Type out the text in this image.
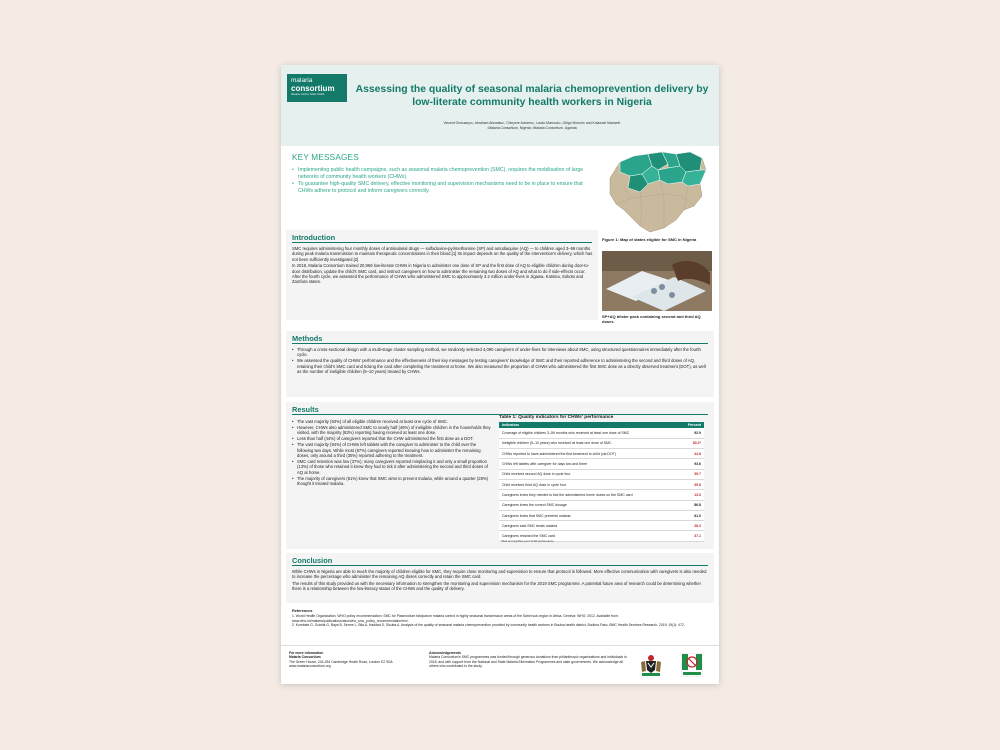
malaria
consortium
disease control, better health	Assessing the quality of seasonal malaria chemoprevention delivery by low-literate community health workers in Nigeria
Vincent Onwuanyu¹, Abraham Abuwaku¹, Chinyere Adozeru¹, Lauko Mamudu¹, Gbigo Momoh¹ and Kolawole Maxwell¹
¹Malaria Consortium, Nigeria; ²Malaria Consortium, Uganda
KEY MESSAGES
• Implementing public health campaigns, such as seasonal malaria chemoprevention (SMC), requires the mobilisation of large networks of community health workers (CHWs).
• To guarantee high-quality SMC delivery, effective monitoring and supervision mechanisms need to be in place to ensure that CHWs adhere to protocol and inform caregivers correctly.
Figure 1: Map of states eligible for SMC in Nigeria
SP+AQ blister pack containing second and third AQ doses
Introduction

SMC requires administering four monthly doses of antimalarial drugs — sulfadoxine-pyrimethamine (SP) and amodiaquine (AQ) — to children aged 3–59 months during peak malaria transmission to maintain therapeutic concentrations in their blood.[1] Its impact depends on the quality of the intervention's delivery, which has not been sufficiently investigated.[2]

In 2018, Malaria Consortium trained 20,969 low-literate CHWs in Nigeria to administer one dose of SP and the first dose of AQ to eligible children during door-to-door distribution, update the child's SMC card, and instruct caregivers on how to administer the remaining two doses of AQ and what to do if side-effects occur. After the fourth cycle, we assessed the performance of CHWs who administered SMC to approximately 3.2 million under-fives in Jigawa, Katsina, Sokoto and Zamfara states.

Methods
• Through a cross-sectional design with a multi-stage cluster sampling method, we randomly selected 4,090 caregivers of under-fives for interviews about SMC, using structured questionnaires immediately after the fourth cycle.
• We assessed the quality of CHWs' performance and the effectiveness of their key messages by testing caregivers' knowledge of SMC and their reported adherence to administering the second and third doses of AQ, retaining their child's SMC card and ticking the card after completing the treatment at home. We also measured the proportion of CHWs who administered the first SMC dose as a directly observed treatment (DOT), as well as the number of ineligible children (5–10 years) treated by CHWs.
Results
• The vast majority (93%) of all eligible children received at least one cycle of SMC.
• However, CHWs also administered SMC to nearly half (46%) of ineligible children in the households they visited, with the majority (83%) reporting having received at least one dose.
• Less than half (44%) of caregivers reported that the CHW administered the first dose as a DOT.
• The vast majority (94%) of CHWs left tablets with the caregiver to administer to the child over the following two days. While most (87%) caregivers reported knowing how to administer the remaining doses, only around a third (35%) reported adhering to the treatment.
• SMC card retention was low (37%); many caregivers reported misplacing it and only a small proportion (13%) of those who retained it knew they had to tick it after administering the second and third doses of AQ at home.
• The majority of caregivers (61%) knew that SMC aims to prevent malaria, while around a quarter (28%) thought it treated malaria.
Table 1: Quality indicators for CHWs' performance
Indicators	Percent
Coverage of eligible children 3–59 months who received at least one dose of SMC	92.9
Ineligible children (5–10 years) who received at least one dose of SMC	83.2*
CHWs reported to have administered the first treatment to child (via DOT)	44.8
CHWs left tablets with caregiver for days two and three	93.6
Child received second AQ dose in cycle four	35.7
Child received third AQ dose in cycle four	35.6
Caregivers knew they needed to tick the administered home doses on the SMC card	13.0
Caregivers knew the correct SMC dosage	86.8
Caregivers knew that SMC prevents malaria	61.0
Caregivers said SMC treats malaria	28.3
Caregivers retained the SMC card	37.1
*Red text signifies poor CHW performance
Conclusion

While CHWs in Nigeria are able to reach the majority of children eligible for SMC, they require close monitoring and supervision to ensure that protocol is followed. More effective communication with caregivers is also needed to increase the percentage who administer the remaining AQ doses correctly and retain the SMC card.

The results of this study provided us with the necessary information to strengthen the monitoring and supervision mechanism for the 2019 SMC programme. A potential future area of research could be determining whether there is a relationship between the low-literacy status of the CHWs and the quality of delivery.

References
1. World Health Organization. WHO policy recommendation: SMC for Plasmodium falciparum malaria control in highly seasonal transmission areas of the Sahel sub-region in Africa. Geneva: WHO; 2012. Available from: www.who.int/malaria/publications/atoz/who_smc_policy_recommendation/en/.
2. Kombate G, Guiella G, Baya B, Serme L, Bila A, Haddad S, Sicuba A. Analysis of the quality of seasonal malaria chemoprevention provided by community health workers in Boulsa health district, Burkina Faso. BMC Health Services Research. 2019; 19(1): 472.
For more information
Malaria Consortium
The Green House, 244-254 Cambridge Heath Road, London E2 9DA
www.malariaconsortium.org
Acknowledgements
Malaria Consortium's SMC programmes was funded through generous donations from philanthropic organisations and individuals in 2018, and with support from the National and State Malaria Elimination Programmes and state governments. We acknowledge all others who contributed to the study.
